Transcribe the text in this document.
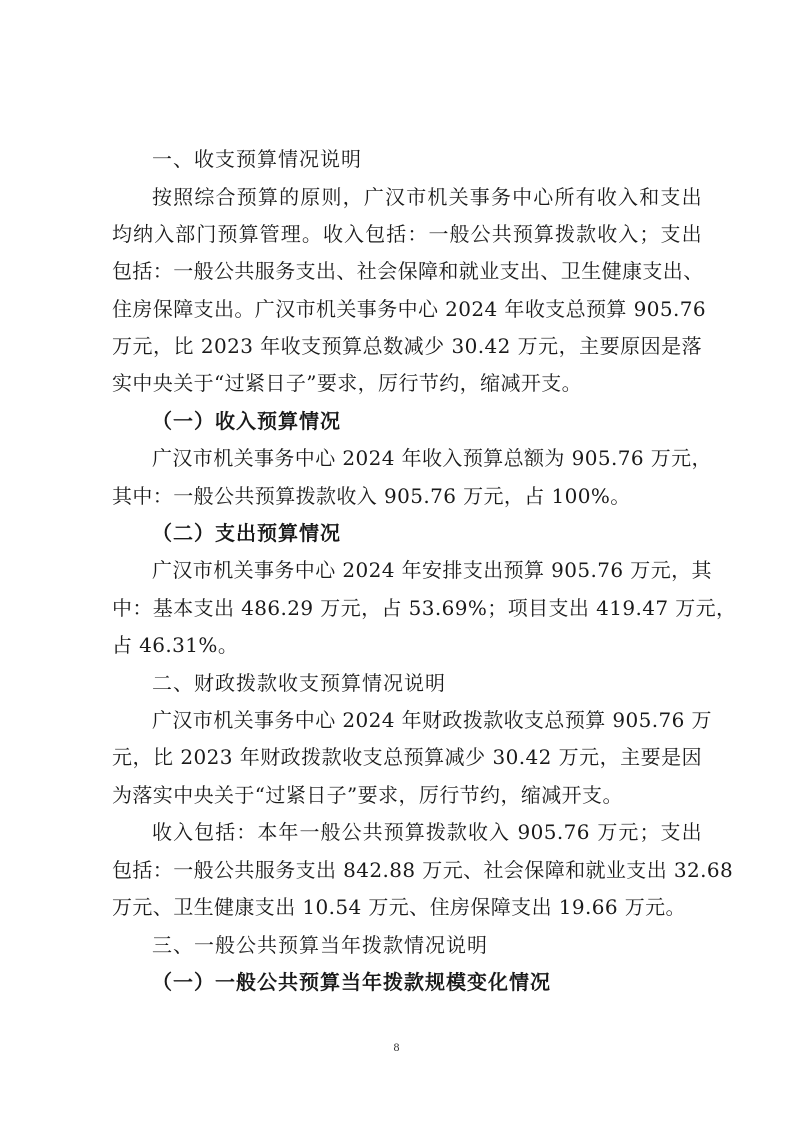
一、收支预算情况说明
按照综合预算的原则，广汉市机关事务中心所有收入和支出
均纳入部门预算管理。收入包括：一般公共预算拨款收入；支出
包括：一般公共服务支出、社会保障和就业支出、卫生健康支出、
住房保障支出。广汉市机关事务中心 2024 年收支总预算 905.76
万元，比 2023 年收支预算总数减少 30.42 万元，主要原因是落
实中央关于“过紧日子”要求，厉行节约，缩减开支。
（一）收入预算情况
广汉市机关事务中心 2024 年收入预算总额为 905.76 万元，
其中：一般公共预算拨款收入 905.76 万元，占 100%。
（二）支出预算情况
广汉市机关事务中心 2024 年安排支出预算 905.76 万元，其
中：基本支出 486.29 万元，占 53.69%；项目支出 419.47 万元，
占 46.31%。
二、财政拨款收支预算情况说明
广汉市机关事务中心 2024 年财政拨款收支总预算 905.76 万
元，比 2023 年财政拨款收支总预算减少 30.42 万元，主要是因
为落实中央关于“过紧日子”要求，厉行节约，缩减开支。
收入包括：本年一般公共预算拨款收入 905.76 万元；支出
包括：一般公共服务支出 842.88 万元、社会保障和就业支出 32.68
万元、卫生健康支出 10.54 万元、住房保障支出 19.66 万元。
三、一般公共预算当年拨款情况说明
（一）一般公共预算当年拨款规模变化情况
8
